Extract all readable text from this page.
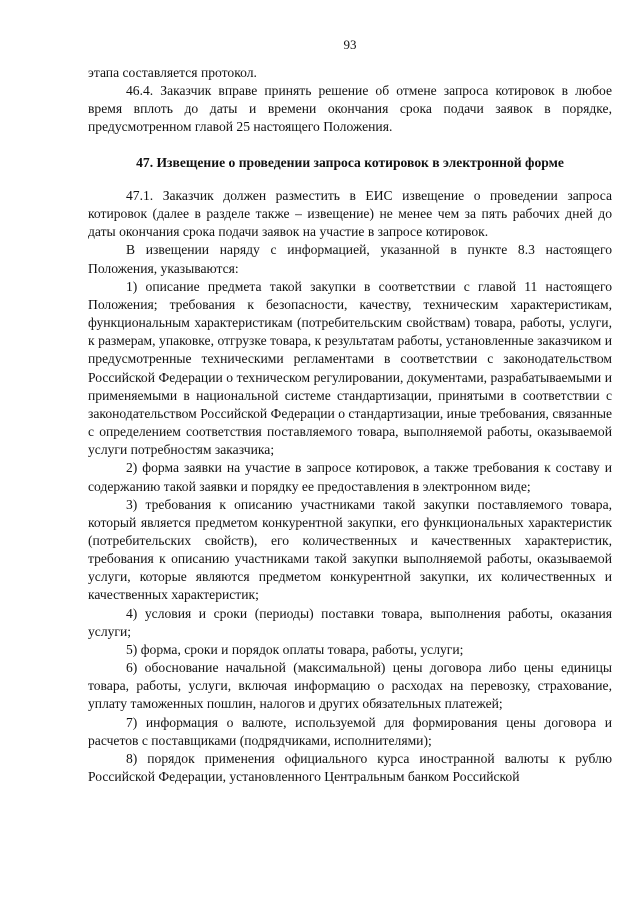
93

этапа составляется протокол.

46.4. Заказчик вправе принять решение об отмене запроса котировок в любое время вплоть до даты и времени окончания срока подачи заявок в порядке, предусмотренном главой 25 настоящего Положения.

47. Извещение о проведении запроса котировок в электронной форме

47.1. Заказчик должен разместить в ЕИС извещение о проведении запроса котировок (далее в разделе также – извещение) не менее чем за пять рабочих дней до даты окончания срока подачи заявок на участие в запросе котировок.

В извещении наряду с информацией, указанной в пункте 8.3 настоящего Положения, указываются:

1) описание предмета такой закупки в соответствии с главой 11 настоящего Положения; требования к безопасности, качеству, техническим характеристикам, функциональным характеристикам (потребительским свойствам) товара, работы, услуги, к размерам, упаковке, отгрузке товара, к результатам работы, установленные заказчиком и предусмотренные техническими регламентами в соответствии с законодательством Российской Федерации о техническом регулировании, документами, разрабатываемыми и применяемыми в национальной системе стандартизации, принятыми в соответствии с законодательством Российской Федерации о стандартизации, иные требования, связанные с определением соответствия поставляемого товара, выполняемой работы, оказываемой услуги потребностям заказчика;

2) форма заявки на участие в запросе котировок, а также требования к составу и содержанию такой заявки и порядку ее предоставления в электронном виде;

3) требования к описанию участниками такой закупки поставляемого товара, который является предметом конкурентной закупки, его функциональных характеристик (потребительских свойств), его количественных и качественных характеристик, требования к описанию участниками такой закупки выполняемой работы, оказываемой услуги, которые являются предметом конкурентной закупки, их количественных и качественных характеристик;

4) условия и сроки (периоды) поставки товара, выполнения работы, оказания услуги;

5) форма, сроки и порядок оплаты товара, работы, услуги;

6) обоснование начальной (максимальной) цены договора либо цены единицы товара, работы, услуги, включая информацию о расходах на перевозку, страхование, уплату таможенных пошлин, налогов и других обязательных платежей;

7) информация о валюте, используемой для формирования цены договора и расчетов с поставщиками (подрядчиками, исполнителями);

8) порядок применения официального курса иностранной валюты к рублю Российской Федерации, установленного Центральным банком Российской
